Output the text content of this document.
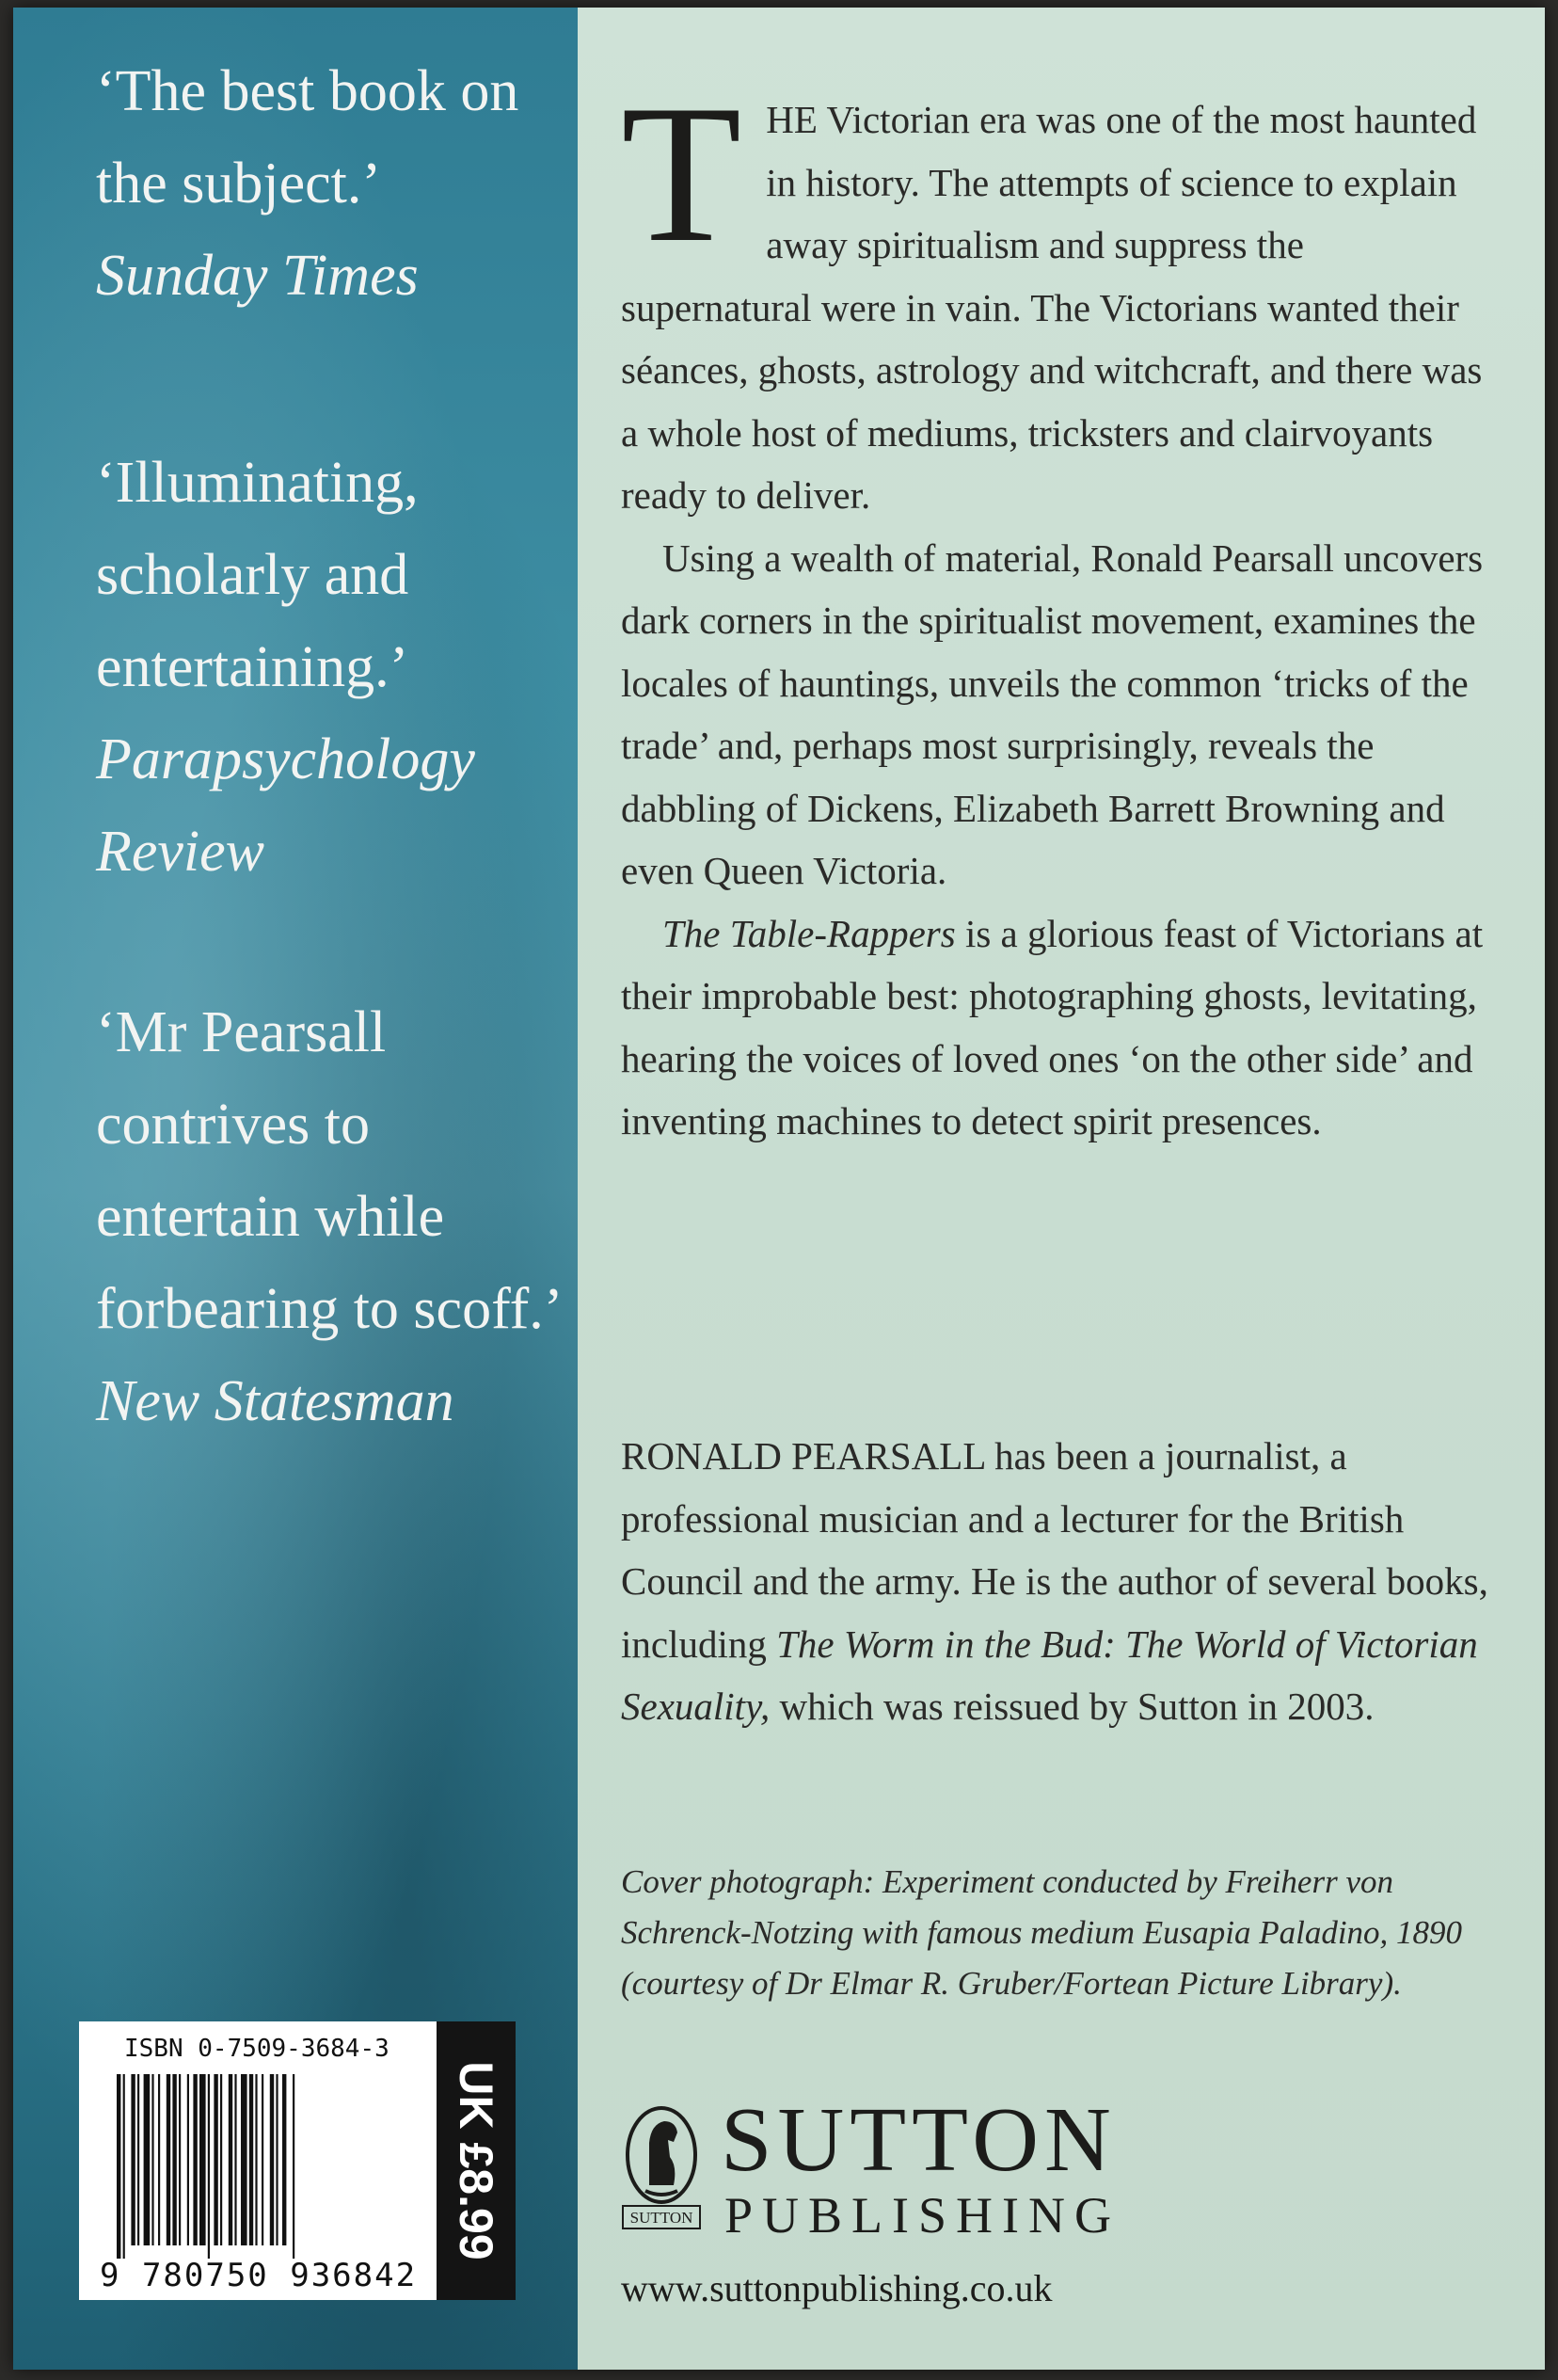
‘The best book on the subject.’
Sunday Times
‘Illuminating, scholarly and entertaining.’
Parapsychology Review
‘Mr Pearsall contrives to entertain while forbearing to scoff.’
New Statesman
ISBN 0-7509-3684-3
9 780750 936842
UK £8.99

THE Victorian era was one of the most haunted in history. The attempts of science to explain away spiritualism and suppress the supernatural were in vain. The Victorians wanted their séances, ghosts, astrology and witchcraft, and there was a whole host of mediums, tricksters and clairvoyants ready to deliver.

Using a wealth of material, Ronald Pearsall uncovers dark corners in the spiritualist movement, examines the locales of hauntings, unveils the common ‘tricks of the trade’ and, perhaps most surprisingly, reveals the dabbling of Dickens, Elizabeth Barrett Browning and even Queen Victoria.

The Table-Rappers is a glorious feast of Victorians at their improbable best: photographing ghosts, levitating, hearing the voices of loved ones ‘on the other side’ and inventing machines to detect spirit presences.

RONALD PEARSALL has been a journalist, a professional musician and a lecturer for the British Council and the army. He is the author of several books, including The Worm in the Bud: The World of Victorian Sexuality, which was reissued by Sutton in 2003.

Cover photograph: Experiment conducted by Freiherr von Schrenck-Notzing with famous medium Eusapia Paladino, 1890 (courtesy of Dr Elmar R. Gruber/Fortean Picture Library).
SUTTON
SUTTON
PUBLISHING
www.suttonpublishing.co.uk
